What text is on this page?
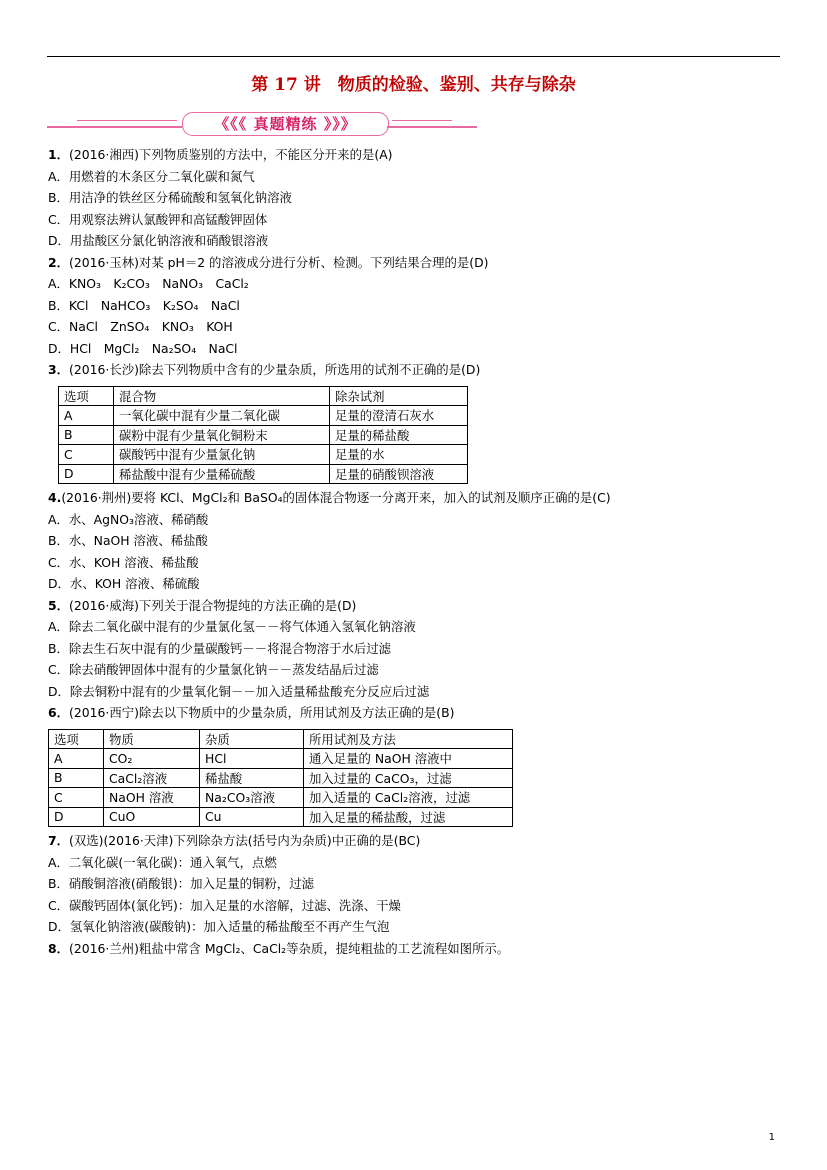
第 17 讲　物质的检验、鉴别、共存与除杂
《《《 真题精练 》》》
1．(2016·湘西)下列物质鉴别的方法中，不能区分开来的是(A)
A．用燃着的木条区分二氧化碳和氮气
B．用洁净的铁丝区分稀硫酸和氢氧化钠溶液
C．用观察法辨认氯酸钾和高锰酸钾固体
D．用盐酸区分氯化钠溶液和硝酸银溶液
2．(2016·玉林)对某 pH＝2 的溶液成分进行分析、检测。下列结果合理的是(D)
A．KNO₃　K₂CO₃　NaNO₃　CaCl₂
B．KCl　NaHCO₃　K₂SO₄　NaCl
C．NaCl　ZnSO₄　KNO₃　KOH
D．HCl　MgCl₂　Na₂SO₄　NaCl
3．(2016·长沙)除去下列物质中含有的少量杂质，所选用的试剂不正确的是(D)
选项	混合物	除杂试剂
A	一氧化碳中混有少量二氧化碳	足量的澄清石灰水
B	碳粉中混有少量氧化铜粉末	足量的稀盐酸
C	碳酸钙中混有少量氯化钠	足量的水
D	稀盐酸中混有少量稀硫酸	足量的硝酸钡溶液
4.(2016·荆州)要将 KCl、MgCl₂和 BaSO₄的固体混合物逐一分离开来，加入的试剂及顺序正确的是(C)
A．水、AgNO₃溶液、稀硝酸
B．水、NaOH 溶液、稀盐酸
C．水、KOH 溶液、稀盐酸
D．水、KOH 溶液、稀硫酸
5．(2016·威海)下列关于混合物提纯的方法正确的是(D)
A．除去二氧化碳中混有的少量氯化氢－－将气体通入氢氧化钠溶液
B．除去生石灰中混有的少量碳酸钙－－将混合物溶于水后过滤
C．除去硝酸钾固体中混有的少量氯化钠－－蒸发结晶后过滤
D．除去铜粉中混有的少量氧化铜－－加入适量稀盐酸充分反应后过滤
6．(2016·西宁)除去以下物质中的少量杂质，所用试剂及方法正确的是(B)
选项	物质	杂质	所用试剂及方法
A	CO₂	HCl	通入足量的 NaOH 溶液中
B	CaCl₂溶液	稀盐酸	加入过量的 CaCO₃，过滤
C	NaOH 溶液	Na₂CO₃溶液	加入适量的 CaCl₂溶液，过滤
D	CuO	Cu	加入足量的稀盐酸，过滤
7．(双选)(2016·天津)下列除杂方法(括号内为杂质)中正确的是(BC)
A．二氧化碳(一氧化碳)：通入氧气，点燃
B．硝酸铜溶液(硝酸银)：加入足量的铜粉，过滤
C．碳酸钙固体(氯化钙)：加入足量的水溶解，过滤、洗涤、干燥
D．氢氧化钠溶液(碳酸钠)：加入适量的稀盐酸至不再产生气泡
8．(2016·兰州)粗盐中常含 MgCl₂、CaCl₂等杂质，提纯粗盐的工艺流程如图所示。
1
